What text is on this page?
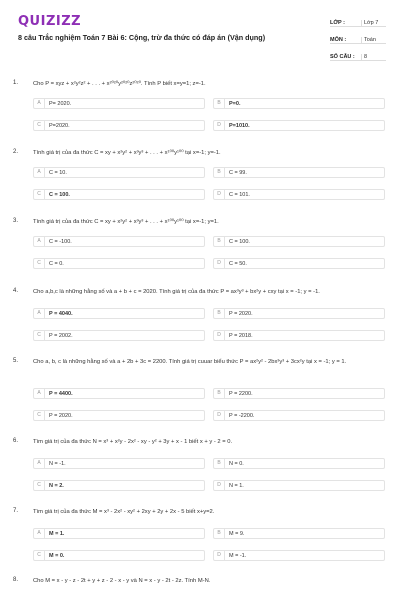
QUIZIZZ
8 câu Trắc nghiệm Toán 7 Bài 6: Cộng, trừ đa thức có đáp án (Vận dụng)
LỚP :	Lớp 7
MÔN :	Toán
SỐ CÂU :	8
1.	Cho P = xyz + x²y²z² + . . . + x²⁰²⁰y²⁰²⁰z²⁰²⁰. Tính P biết x=y=1; z=-1.
A	P= 2020.	B	P=0.
C	P=2020.	D	P=1010.
2.	Tính giá trị của đa thức C = xy + x²y² + x³y³ + . . . + x¹⁰⁰y¹⁰⁰ tại x=-1; y=-1.
A	C = 10.	B	C = 99.
C	C = 100.	D	C = 101.
3.	Tính giá trị của đa thức C = xy + x²y² + x³y³ + . . . + x¹⁰⁰y¹⁰⁰ tại x=-1; y=1.
A	C = -100.	B	C = 100.
C	C = 0.	D	C = 50.
4.	Cho a,b,c là những hằng số và a + b + c = 2020. Tính giá trị của đa thức P = ax³y³ + bx²y + cxy tại x = -1; y = -1.
A	P = 4040.	B	P = 2020.
C	P = 2002.	D	P = 2018.
5.	Cho a, b, c là những hằng số và a + 2b + 3c = 2200. Tính giá trị cuuar biểu thức P = ax²y² - 2bx³y³ + 3cx²y tại x = -1; y = 1.
A	P = 4400.	B	P = 2200.
C	P = 2020.	D	P = -2200.
6.	Tìm giá trị của đa thức N = x³ + x²y - 2x² - xy - y² + 3y + x - 1 biết x + y - 2 = 0.
A	N = -1.	B	N = 0.
C	N = 2.	D	N = 1.
7.	Tìm giá trị của đa thức M = x³ - 2x² - xy² + 2xy + 2y + 2x - 5 biết x+y=2.
A	M = 1.	B	M = 9.
C	M = 0.	D	M = -1.
8.	Cho M = x - y - z - 2t + y + z - 2 - x - y và N = x - y - 2t - 2z. Tính M-N.
